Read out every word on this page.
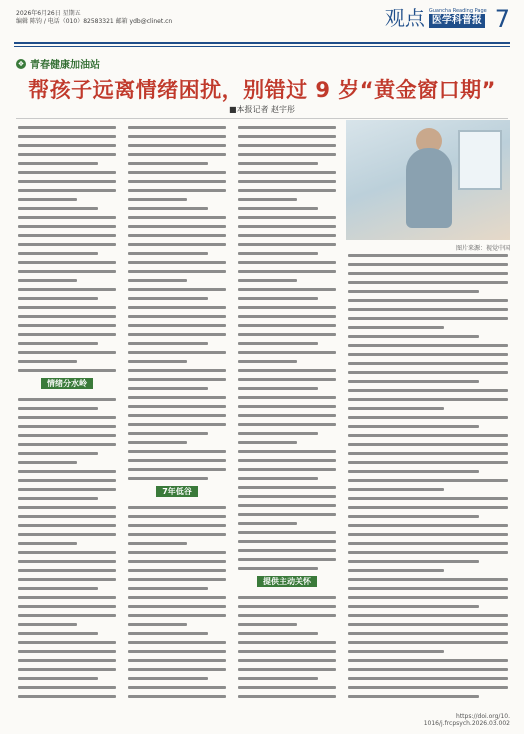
2026年6月26日 星期五
编辑 陈钧 / 电话（010）82583321 邮箱 ydb@clinet.cn	观点 Guancha Reading Page
医学科普报 7
❖ 青春健康加油站
帮孩子远离情绪困扰，别错过 9 岁“黄金窗口期”
■本报记者 赵宇彤
图片来源：视觉中国
情绪分水岭
7年低谷
提供主动关怀
https://doi.org/10.
1016/j.frcpsych.2026.03.002
